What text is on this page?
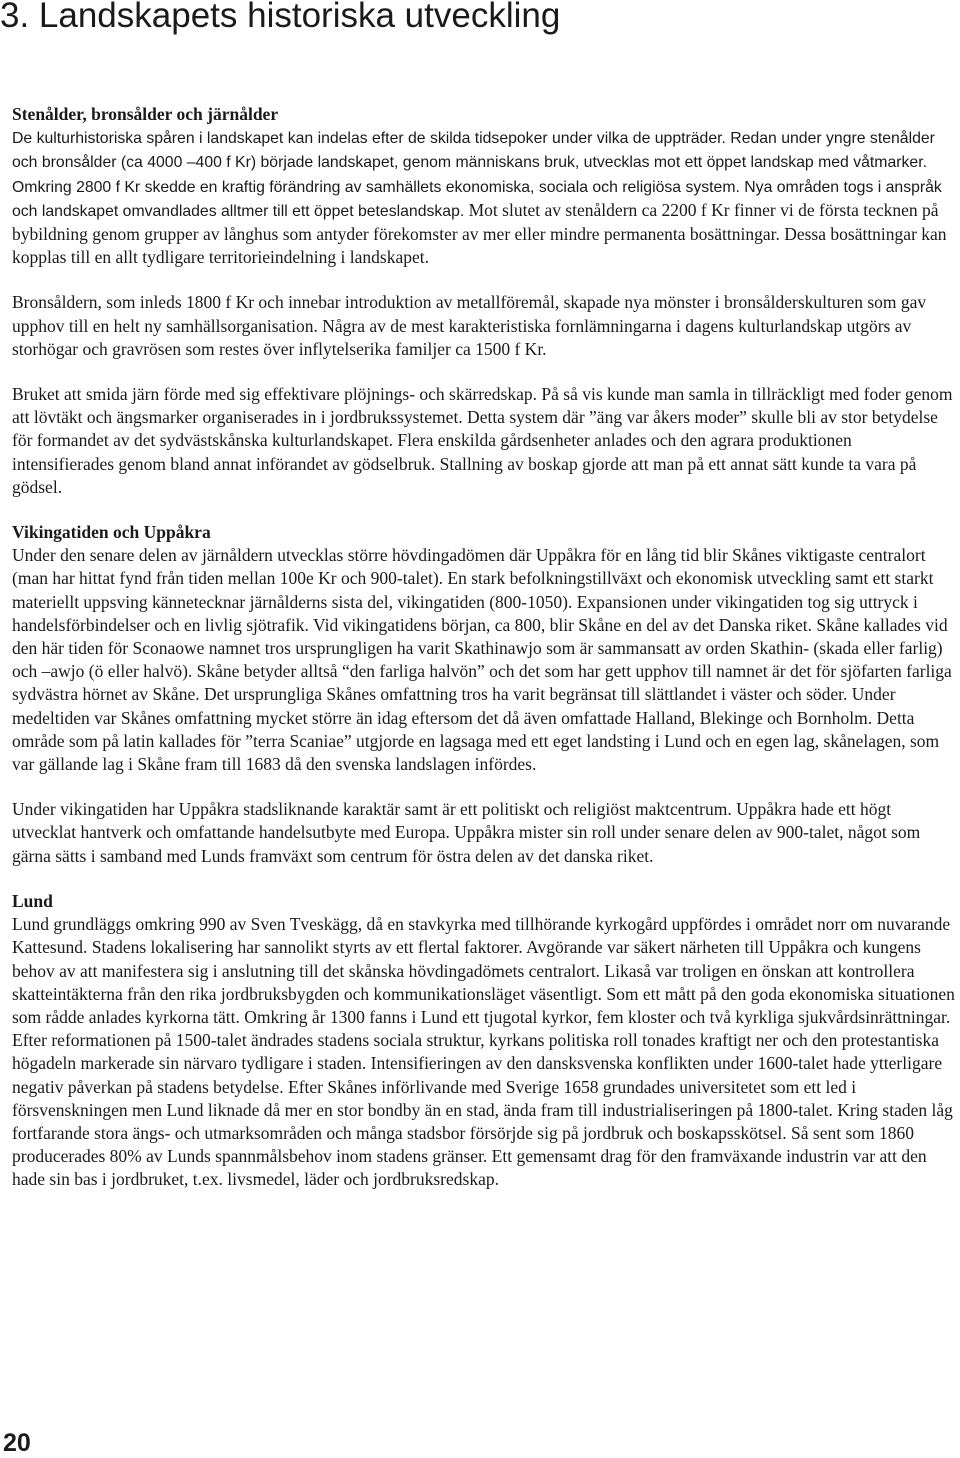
3. Landskapets historiska utveckling
Stenålder, bronsålder och järnålder

De kulturhistoriska spåren i landskapet kan indelas efter de skilda tidsepoker under vilka de uppträder. Redan under yngre stenålder och bronsålder (ca 4000 –400 f Kr) började landskapet, genom människans bruk, utvecklas mot ett öppet landskap med våtmarker. Omkring 2800 f Kr skedde en kraftig förändring av samhällets ekonomiska, sociala och religiösa system. Nya områden togs i anspråk och landskapet omvandlades alltmer till ett öppet beteslandskap. Mot slutet av stenåldern ca 2200 f Kr finner vi de första tecknen på bybildning genom grupper av långhus som antyder förekomster av mer eller mindre permanenta bosättningar. Dessa bosättningar kan kopplas till en allt tydligare territorieindelning i landskapet.

Bronsåldern, som inleds 1800 f Kr och innebar introduktion av metallföremål, skapade nya mönster i bronsålderskulturen som gav upphov till en helt ny samhällsorganisation. Några av de mest karakteristiska fornlämningarna i dagens kulturlandskap utgörs av storhögar och gravrösen som restes över inflytelserika familjer ca 1500 f Kr.

Bruket att smida järn förde med sig effektivare plöjnings- och skärredskap. På så vis kunde man samla in tillräckligt med foder genom att lövtäkt och ängsmarker organiserades in i jordbrukssystemet. Detta system där ”äng var åkers moder” skulle bli av stor betydelse för formandet av det sydvästskånska kulturlandskapet. Flera enskilda gårdsenheter anlades och den agrara produktionen intensifierades genom bland annat införandet av gödselbruk. Stallning av boskap gjorde att man på ett annat sätt kunde ta vara på gödsel.

Vikingatiden och Uppåkra

Under den senare delen av järnåldern utvecklas större hövdingadömen där Uppåkra för en lång tid blir Skånes viktigaste centralort (man har hittat fynd från tiden mellan 100e Kr och 900-talet). En stark befolkningstillväxt och ekonomisk utveckling samt ett starkt materiellt uppsving kännetecknar järnålderns sista del, vikingatiden (800-1050). Expansionen under vikingatiden tog sig uttryck i handelsförbindelser och en livlig sjötrafik. Vid vikingatidens början, ca 800, blir Skåne en del av det Danska riket. Skåne kallades vid den här tiden för Sconaowe namnet tros ursprungligen ha varit Skathinawjo som är sammansatt av orden Skathin- (skada eller farlig) och –awjo (ö eller halvö). Skåne betyder alltså “den farliga halvön” och det som har gett upphov till namnet är det för sjöfarten farliga sydvästra hörnet av Skåne. Det ursprungliga Skånes omfattning tros ha varit begränsat till slättlandet i väster och söder. Under medeltiden var Skånes omfattning mycket större än idag eftersom det då även omfattade Halland, Blekinge och Bornholm. Detta område som på latin kallades för ”terra Scaniae” utgjorde en lagsaga med ett eget landsting i Lund och en egen lag, skånelagen, som var gällande lag i Skåne fram till 1683 då den svenska landslagen infördes.

Under vikingatiden har Uppåkra stadsliknande karaktär samt är ett politiskt och religiöst maktcentrum. Uppåkra hade ett högt utvecklat hantverk och omfattande handelsutbyte med Europa. Uppåkra mister sin roll under senare delen av 900-talet, något som gärna sätts i samband med Lunds framväxt som centrum för östra delen av det danska riket.

Lund

Lund grundläggs omkring 990 av Sven Tveskägg, då en stavkyrka med tillhörande kyrkogård uppfördes i området norr om nuvarande Kattesund. Stadens lokalisering har sannolikt styrts av ett flertal faktorer. Avgörande var säkert närheten till Uppåkra och kungens behov av att manifestera sig i anslutning till det skånska hövdingadömets centralort. Likaså var troligen en önskan att kontrollera skatteintäkterna från den rika jordbruksbygden och kommunikationsläget väsentligt. Som ett mått på den goda ekonomiska situationen som rådde anlades kyrkorna tätt. Omkring år 1300 fanns i Lund ett tjugotal kyrkor, fem kloster och två kyrkliga sjukvårdsinrättningar. Efter reformationen på 1500-talet ändrades stadens sociala struktur, kyrkans politiska roll tonades kraftigt ner och den protestantiska högadeln markerade sin närvaro tydligare i staden. Intensifieringen av den dansksvenska konflikten under 1600-talet hade ytterligare negativ påverkan på stadens betydelse. Efter Skånes införlivande med Sverige 1658 grundades universitetet som ett led i försvenskningen men Lund liknade då mer en stor bondby än en stad, ända fram till industrialiseringen på 1800-talet. Kring staden låg fortfarande stora ängs- och utmarksområden och många stadsbor försörjde sig på jordbruk och boskapsskötsel. Så sent som 1860 producerades 80% av Lunds spannmålsbehov inom stadens gränser. Ett gemensamt drag för den framväxande industrin var att den hade sin bas i jordbruket, t.ex. livsmedel, läder och jordbruksredskap.

20
